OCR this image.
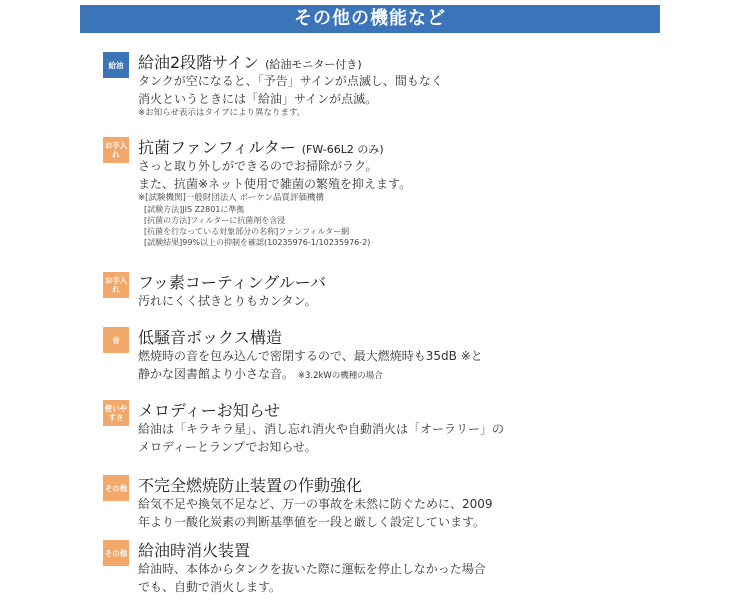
その他の機能など
給油 給油2段階サイン (給油モニター付き)
タンクが空になると、「予告」サインが点滅し、間もなく
消火というときには「給油」サインが点滅。
※お知らせ表示はタイプにより異なります。
お手入れ	抗菌ファンフィルター (FW-66L2 のみ)
さっと取り外しができるのでお掃除がラク。
また、抗菌※ネット使用で雑菌の繁殖を抑えます。
※[試験機関]一般財団法人 ボーケン品質評価機構
[試験方法]JIS Z2801に準拠
[抗菌の方法]フィルターに抗菌剤を含浸
[抗菌を行なっている対象部分の名称]ファンフィルター網
[試験結果]99%以上の抑制を確認(10235976-1/10235976-2)
お手入れ	フッ素コーティングルーバ
汚れにくく拭きとりもカンタン。
音	低騒音ボックス構造
燃焼時の音を包み込んで密閉するので、最大燃焼時も35dB ※と
静かな図書館より小さな音。 ※3.2kWの機種の場合
使いやすさ メロディーお知らせ
給油は「キラキラ星」、消し忘れ消火や自動消火は「オーラリー」の
メロディーとランプでお知らせ。
その他 不完全燃焼防止装置の作動強化
給気不足や換気不足など、万一の事故を未然に防ぐために、2009
年より一酸化炭素の判断基準値を一段と厳しく設定しています。
その他 給油時消火装置
給油時、本体からタンクを抜いた際に運転を停止しなかった場合
でも、自動で消火します。
